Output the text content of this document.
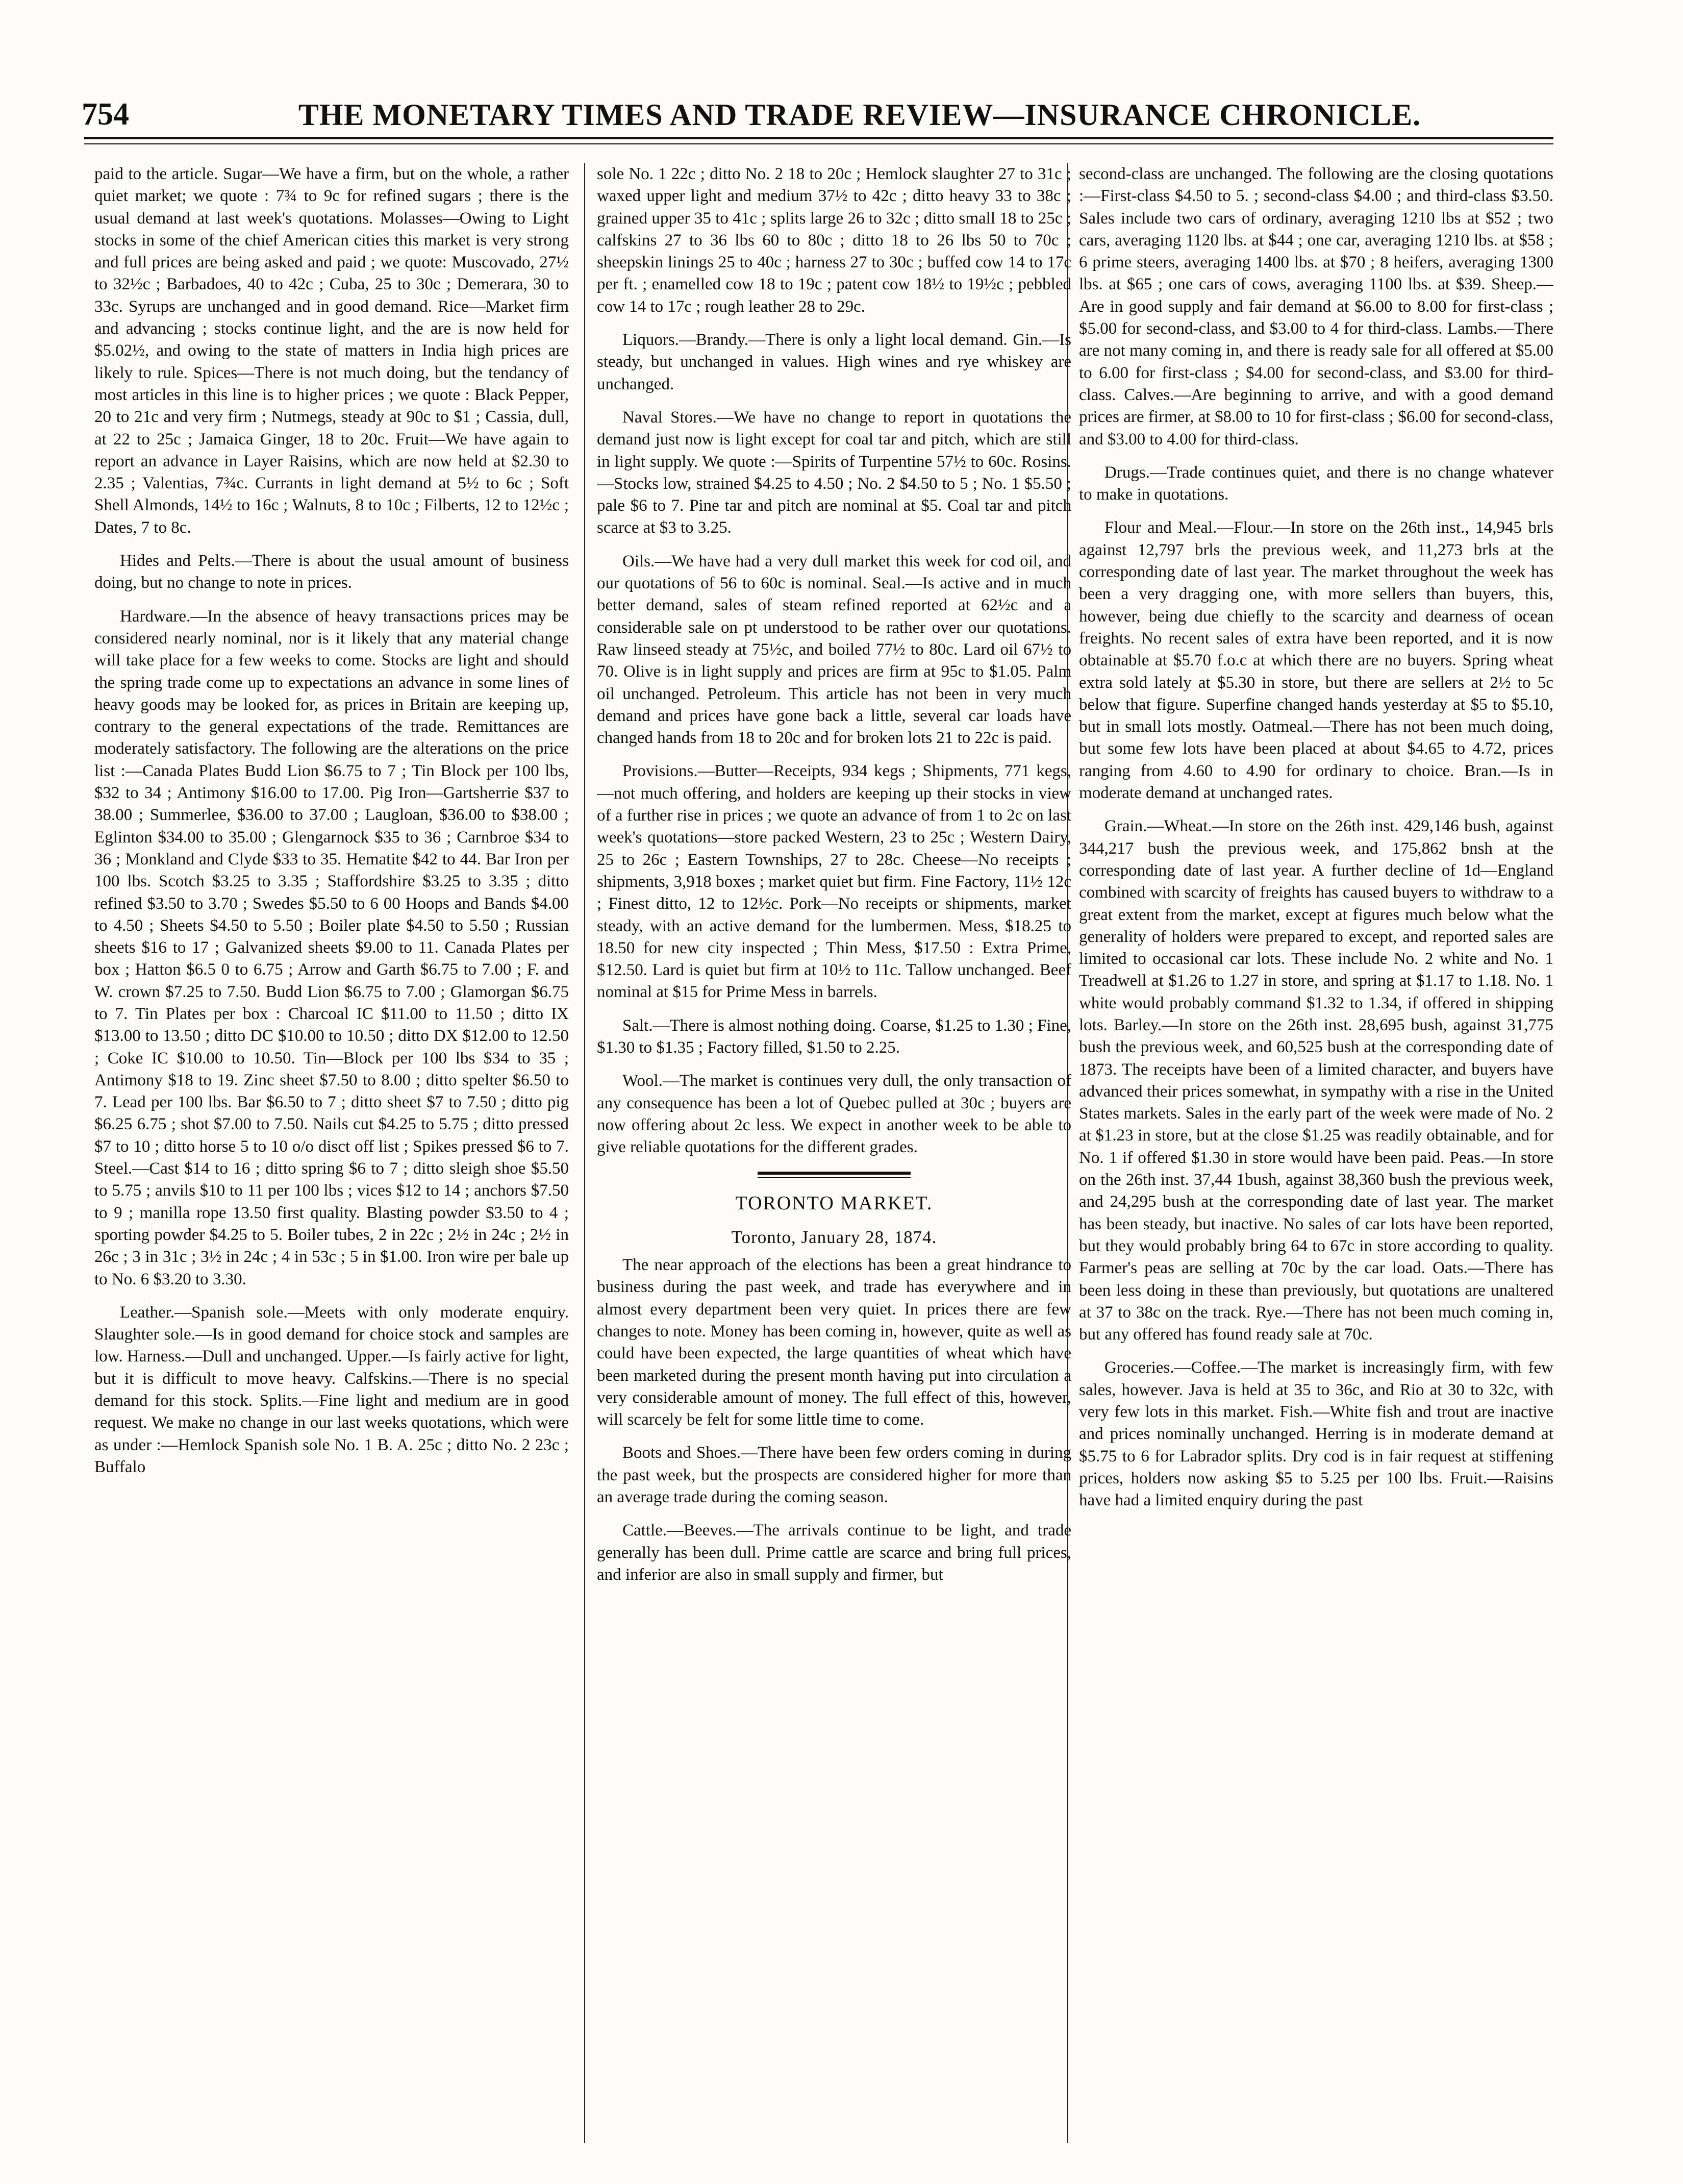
754	THE MONETARY TIMES AND TRADE REVIEW—INSURANCE CHRONICLE.

paid to the article. Sugar—We have a firm, but on the whole, a rather quiet market; we quote : 7¾ to 9c for refined sugars ; there is the usual demand at last week's quotations. Molasses—Owing to Light stocks in some of the chief American cities this market is very strong and full prices are being asked and paid ; we quote: Muscovado, 27½ to 32½c ; Barbadoes, 40 to 42c ; Cuba, 25 to 30c ; Demerara, 30 to 33c. Syrups are unchanged and in good demand. Rice—Market firm and advancing ; stocks continue light, and the are is now held for $5.02½, and owing to the state of matters in India high prices are likely to rule. Spices—There is not much doing, but the tendancy of most articles in this line is to higher prices ; we quote : Black Pepper, 20 to 21c and very firm ; Nutmegs, steady at 90c to $1 ; Cassia, dull, at 22 to 25c ; Jamaica Ginger, 18 to 20c. Fruit—We have again to report an advance in Layer Raisins, which are now held at $2.30 to 2.35 ; Valentias, 7¾c. Currants in light demand at 5½ to 6c ; Soft Shell Almonds, 14½ to 16c ; Walnuts, 8 to 10c ; Filberts, 12 to 12½c ; Dates, 7 to 8c.

Hides and Pelts.—There is about the usual amount of business doing, but no change to note in prices.

Hardware.—In the absence of heavy transactions prices may be considered nearly nominal, nor is it likely that any material change will take place for a few weeks to come. Stocks are light and should the spring trade come up to expectations an advance in some lines of heavy goods may be looked for, as prices in Britain are keeping up, contrary to the general expectations of the trade. Remittances are moderately satisfactory. The following are the alterations on the price list :—Canada Plates Budd Lion $6.75 to 7 ; Tin Block per 100 lbs, $32 to 34 ; Antimony $16.00 to 17.00. Pig Iron—Gartsherrie $37 to 38.00 ; Summerlee, $36.00 to 37.00 ; Laugloan, $36.00 to $38.00 ; Eglinton $34.00 to 35.00 ; Glengarnock $35 to 36 ; Carnbroe $34 to 36 ; Monkland and Clyde $33 to 35. Hematite $42 to 44. Bar Iron per 100 lbs. Scotch $3.25 to 3.35 ; Staffordshire $3.25 to 3.35 ; ditto refined $3.50 to 3.70 ; Swedes $5.50 to 6 00 Hoops and Bands $4.00 to 4.50 ; Sheets $4.50 to 5.50 ; Boiler plate $4.50 to 5.50 ; Russian sheets $16 to 17 ; Galvanized sheets $9.00 to 11. Canada Plates per box ; Hatton $6.5 0 to 6.75 ; Arrow and Garth $6.75 to 7.00 ; F. and W. crown $7.25 to 7.50. Budd Lion $6.75 to 7.00 ; Glamorgan $6.75 to 7. Tin Plates per box : Charcoal IC $11.00 to 11.50 ; ditto IX $13.00 to 13.50 ; ditto DC $10.00 to 10.50 ; ditto DX $12.00 to 12.50 ; Coke IC $10.00 to 10.50. Tin—Block per 100 lbs $34 to 35 ; Antimony $18 to 19. Zinc sheet $7.50 to 8.00 ; ditto spelter $6.50 to 7. Lead per 100 lbs. Bar $6.50 to 7 ; ditto sheet $7 to 7.50 ; ditto pig $6.25 6.75 ; shot $7.00 to 7.50. Nails cut $4.25 to 5.75 ; ditto pressed $7 to 10 ; ditto horse 5 to 10 o/o disct off list ; Spikes pressed $6 to 7. Steel.—Cast $14 to 16 ; ditto spring $6 to 7 ; ditto sleigh shoe $5.50 to 5.75 ; anvils $10 to 11 per 100 lbs ; vices $12 to 14 ; anchors $7.50 to 9 ; manilla rope 13.50 first quality. Blasting powder $3.50 to 4 ; sporting powder $4.25 to 5. Boiler tubes, 2 in 22c ; 2½ in 24c ; 2½ in 26c ; 3 in 31c ; 3½ in 24c ; 4 in 53c ; 5 in $1.00. Iron wire per bale up to No. 6 $3.20 to 3.30.

Leather.—Spanish sole.—Meets with only moderate enquiry. Slaughter sole.—Is in good demand for choice stock and samples are low. Harness.—Dull and unchanged. Upper.—Is fairly active for light, but it is difficult to move heavy. Calfskins.—There is no special demand for this stock. Splits.—Fine light and medium are in good request. We make no change in our last weeks quotations, which were as under :—Hemlock Spanish sole No. 1 B. A. 25c ; ditto No. 2 23c ; Buffalo

sole No. 1 22c ; ditto No. 2 18 to 20c ; Hemlock slaughter 27 to 31c ; waxed upper light and medium 37½ to 42c ; ditto heavy 33 to 38c ; grained upper 35 to 41c ; splits large 26 to 32c ; ditto small 18 to 25c ; calfskins 27 to 36 lbs 60 to 80c ; ditto 18 to 26 lbs 50 to 70c ; sheepskin linings 25 to 40c ; harness 27 to 30c ; buffed cow 14 to 17c per ft. ; enamelled cow 18 to 19c ; patent cow 18½ to 19½c ; pebbled cow 14 to 17c ; rough leather 28 to 29c.

Liquors.—Brandy.—There is only a light local demand. Gin.—Is steady, but unchanged in values. High wines and rye whiskey are unchanged.

Naval Stores.—We have no change to report in quotations the demand just now is light except for coal tar and pitch, which are still in light supply. We quote :—Spirits of Turpentine 57½ to 60c. Rosins.—Stocks low, strained $4.25 to 4.50 ; No. 2 $4.50 to 5 ; No. 1 $5.50 ; pale $6 to 7. Pine tar and pitch are nominal at $5. Coal tar and pitch scarce at $3 to 3.25.

Oils.—We have had a very dull market this week for cod oil, and our quotations of 56 to 60c is nominal. Seal.—Is active and in much better demand, sales of steam refined reported at 62½c and a considerable sale on pt understood to be rather over our quotations. Raw linseed steady at 75½c, and boiled 77½ to 80c. Lard oil 67½ to 70. Olive is in light supply and prices are firm at 95c to $1.05. Palm oil unchanged. Petroleum. This article has not been in very much demand and prices have gone back a little, several car loads have changed hands from 18 to 20c and for broken lots 21 to 22c is paid.

Provisions.—Butter—Receipts, 934 kegs ; Shipments, 771 kegs,—not much offering, and holders are keeping up their stocks in view of a further rise in prices ; we quote an advance of from 1 to 2c on last week's quotations—store packed Western, 23 to 25c ; Western Dairy, 25 to 26c ; Eastern Townships, 27 to 28c. Cheese—No receipts ; shipments, 3,918 boxes ; market quiet but firm. Fine Factory, 11½ 12c ; Finest ditto, 12 to 12½c. Pork—No receipts or shipments, market steady, with an active demand for the lumbermen. Mess, $18.25 to 18.50 for new city inspected ; Thin Mess, $17.50 : Extra Prime, $12.50. Lard is quiet but firm at 10½ to 11c. Tallow unchanged. Beef nominal at $15 for Prime Mess in barrels.

Salt.—There is almost nothing doing. Coarse, $1.25 to 1.30 ; Fine, $1.30 to $1.35 ; Factory filled, $1.50 to 2.25.

Wool.—The market is continues very dull, the only transaction of any consequence has been a lot of Quebec pulled at 30c ; buyers are now offering about 2c less. We expect in another week to be able to give reliable quotations for the different grades.

TORONTO MARKET.
Toronto, January 28, 1874.

The near approach of the elections has been a great hindrance to business during the past week, and trade has everywhere and in almost every department been very quiet. In prices there are few changes to note. Money has been coming in, however, quite as well as could have been expected, the large quantities of wheat which have been marketed during the present month having put into circulation a very considerable amount of money. The full effect of this, however, will scarcely be felt for some little time to come.

Boots and Shoes.—There have been few orders coming in during the past week, but the prospects are considered higher for more than an average trade during the coming season.

Cattle.—Beeves.—The arrivals continue to be light, and trade generally has been dull. Prime cattle are scarce and bring full prices, and inferior are also in small supply and firmer, but

second-class are unchanged. The following are the closing quotations :—First-class $4.50 to 5. ; second-class $4.00 ; and third-class $3.50. Sales include two cars of ordinary, averaging 1210 lbs at $52 ; two cars, averaging 1120 lbs. at $44 ; one car, averaging 1210 lbs. at $58 ; 6 prime steers, averaging 1400 lbs. at $70 ; 8 heifers, averaging 1300 lbs. at $65 ; one cars of cows, averaging 1100 lbs. at $39. Sheep.—Are in good supply and fair demand at $6.00 to 8.00 for first-class ; $5.00 for second-class, and $3.00 to 4 for third-class. Lambs.—There are not many coming in, and there is ready sale for all offered at $5.00 to 6.00 for first-class ; $4.00 for second-class, and $3.00 for third-class. Calves.—Are beginning to arrive, and with a good demand prices are firmer, at $8.00 to 10 for first-class ; $6.00 for second-class, and $3.00 to 4.00 for third-class.

Drugs.—Trade continues quiet, and there is no change whatever to make in quotations.

Flour and Meal.—Flour.—In store on the 26th inst., 14,945 brls against 12,797 brls the previous week, and 11,273 brls at the corresponding date of last year. The market throughout the week has been a very dragging one, with more sellers than buyers, this, however, being due chiefly to the scarcity and dearness of ocean freights. No recent sales of extra have been reported, and it is now obtainable at $5.70 f.o.c at which there are no buyers. Spring wheat extra sold lately at $5.30 in store, but there are sellers at 2½ to 5c below that figure. Superfine changed hands yesterday at $5 to $5.10, but in small lots mostly. Oatmeal.—There has not been much doing, but some few lots have been placed at about $4.65 to 4.72, prices ranging from 4.60 to 4.90 for ordinary to choice. Bran.—Is in moderate demand at unchanged rates.

Grain.—Wheat.—In store on the 26th inst. 429,146 bush, against 344,217 bush the previous week, and 175,862 bnsh at the corresponding date of last year. A further decline of 1d—England combined with scarcity of freights has caused buyers to withdraw to a great extent from the market, except at figures much below what the generality of holders were prepared to except, and reported sales are limited to occasional car lots. These include No. 2 white and No. 1 Treadwell at $1.26 to 1.27 in store, and spring at $1.17 to 1.18. No. 1 white would probably command $1.32 to 1.34, if offered in shipping lots. Barley.—In store on the 26th inst. 28,695 bush, against 31,775 bush the previous week, and 60,525 bush at the corresponding date of 1873. The receipts have been of a limited character, and buyers have advanced their prices somewhat, in sympathy with a rise in the United States markets. Sales in the early part of the week were made of No. 2 at $1.23 in store, but at the close $1.25 was readily obtainable, and for No. 1 if offered $1.30 in store would have been paid. Peas.—In store on the 26th inst. 37,44 1bush, against 38,360 bush the previous week, and 24,295 bush at the corresponding date of last year. The market has been steady, but inactive. No sales of car lots have been reported, but they would probably bring 64 to 67c in store according to quality. Farmer's peas are selling at 70c by the car load. Oats.—There has been less doing in these than previously, but quotations are unaltered at 37 to 38c on the track. Rye.—There has not been much coming in, but any offered has found ready sale at 70c.

Groceries.—Coffee.—The market is increasingly firm, with few sales, however. Java is held at 35 to 36c, and Rio at 30 to 32c, with very few lots in this market. Fish.—White fish and trout are inactive and prices nominally unchanged. Herring is in moderate demand at $5.75 to 6 for Labrador splits. Dry cod is in fair request at stiffening prices, holders now asking $5 to 5.25 per 100 lbs. Fruit.—Raisins have had a limited enquiry during the past
